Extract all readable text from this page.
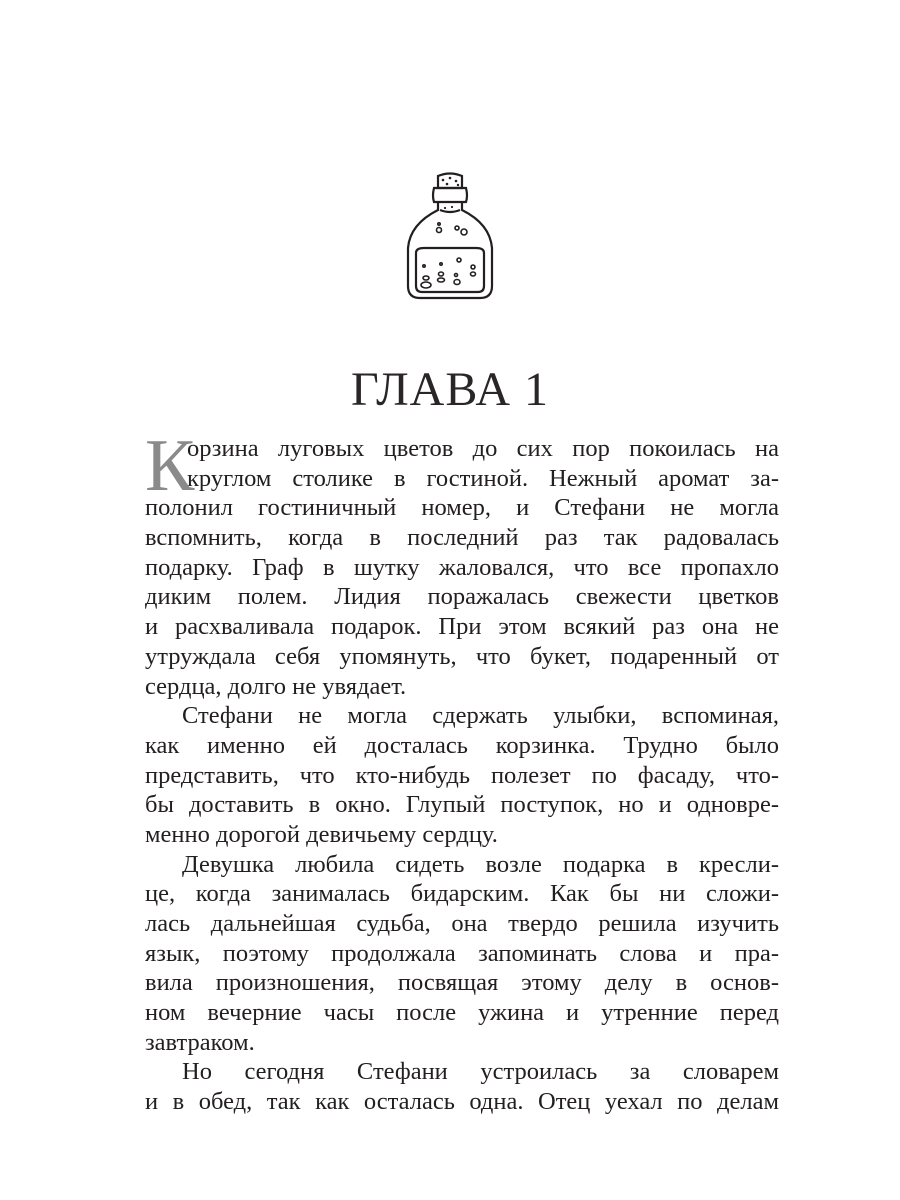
ГЛАВА 1
К
орзина луговых цветов до сих пор покоилась на
круглом столике в гостиной. Нежный аромат за-
полонил гостиничный номер, и Стефани не могла
вспомнить, когда в последний раз так радовалась
подарку. Граф в шутку жаловался, что все пропахло
диким полем. Лидия поражалась свежести цветков
и расхваливала подарок. При этом всякий раз она не
утруждала себя упомянуть, что букет, подаренный от
сердца, долго не увядает.
Стефани не могла сдержать улыбки, вспоминая,
как именно ей досталась корзинка. Трудно было
представить, что кто-нибудь полезет по фасаду, что-
бы доставить в окно. Глупый поступок, но и одновре-
менно дорогой девичьему сердцу.
Девушка любила сидеть возле подарка в кресли-
це, когда занималась бидарским. Как бы ни сложи-
лась дальнейшая судьба, она твердо решила изучить
язык, поэтому продолжала запоминать слова и пра-
вила произношения, посвящая этому делу в основ-
ном вечерние часы после ужина и утренние перед
завтраком.
Но сегодня Стефани устроилась за словарем
и в обед, так как осталась одна. Отец уехал по делам
